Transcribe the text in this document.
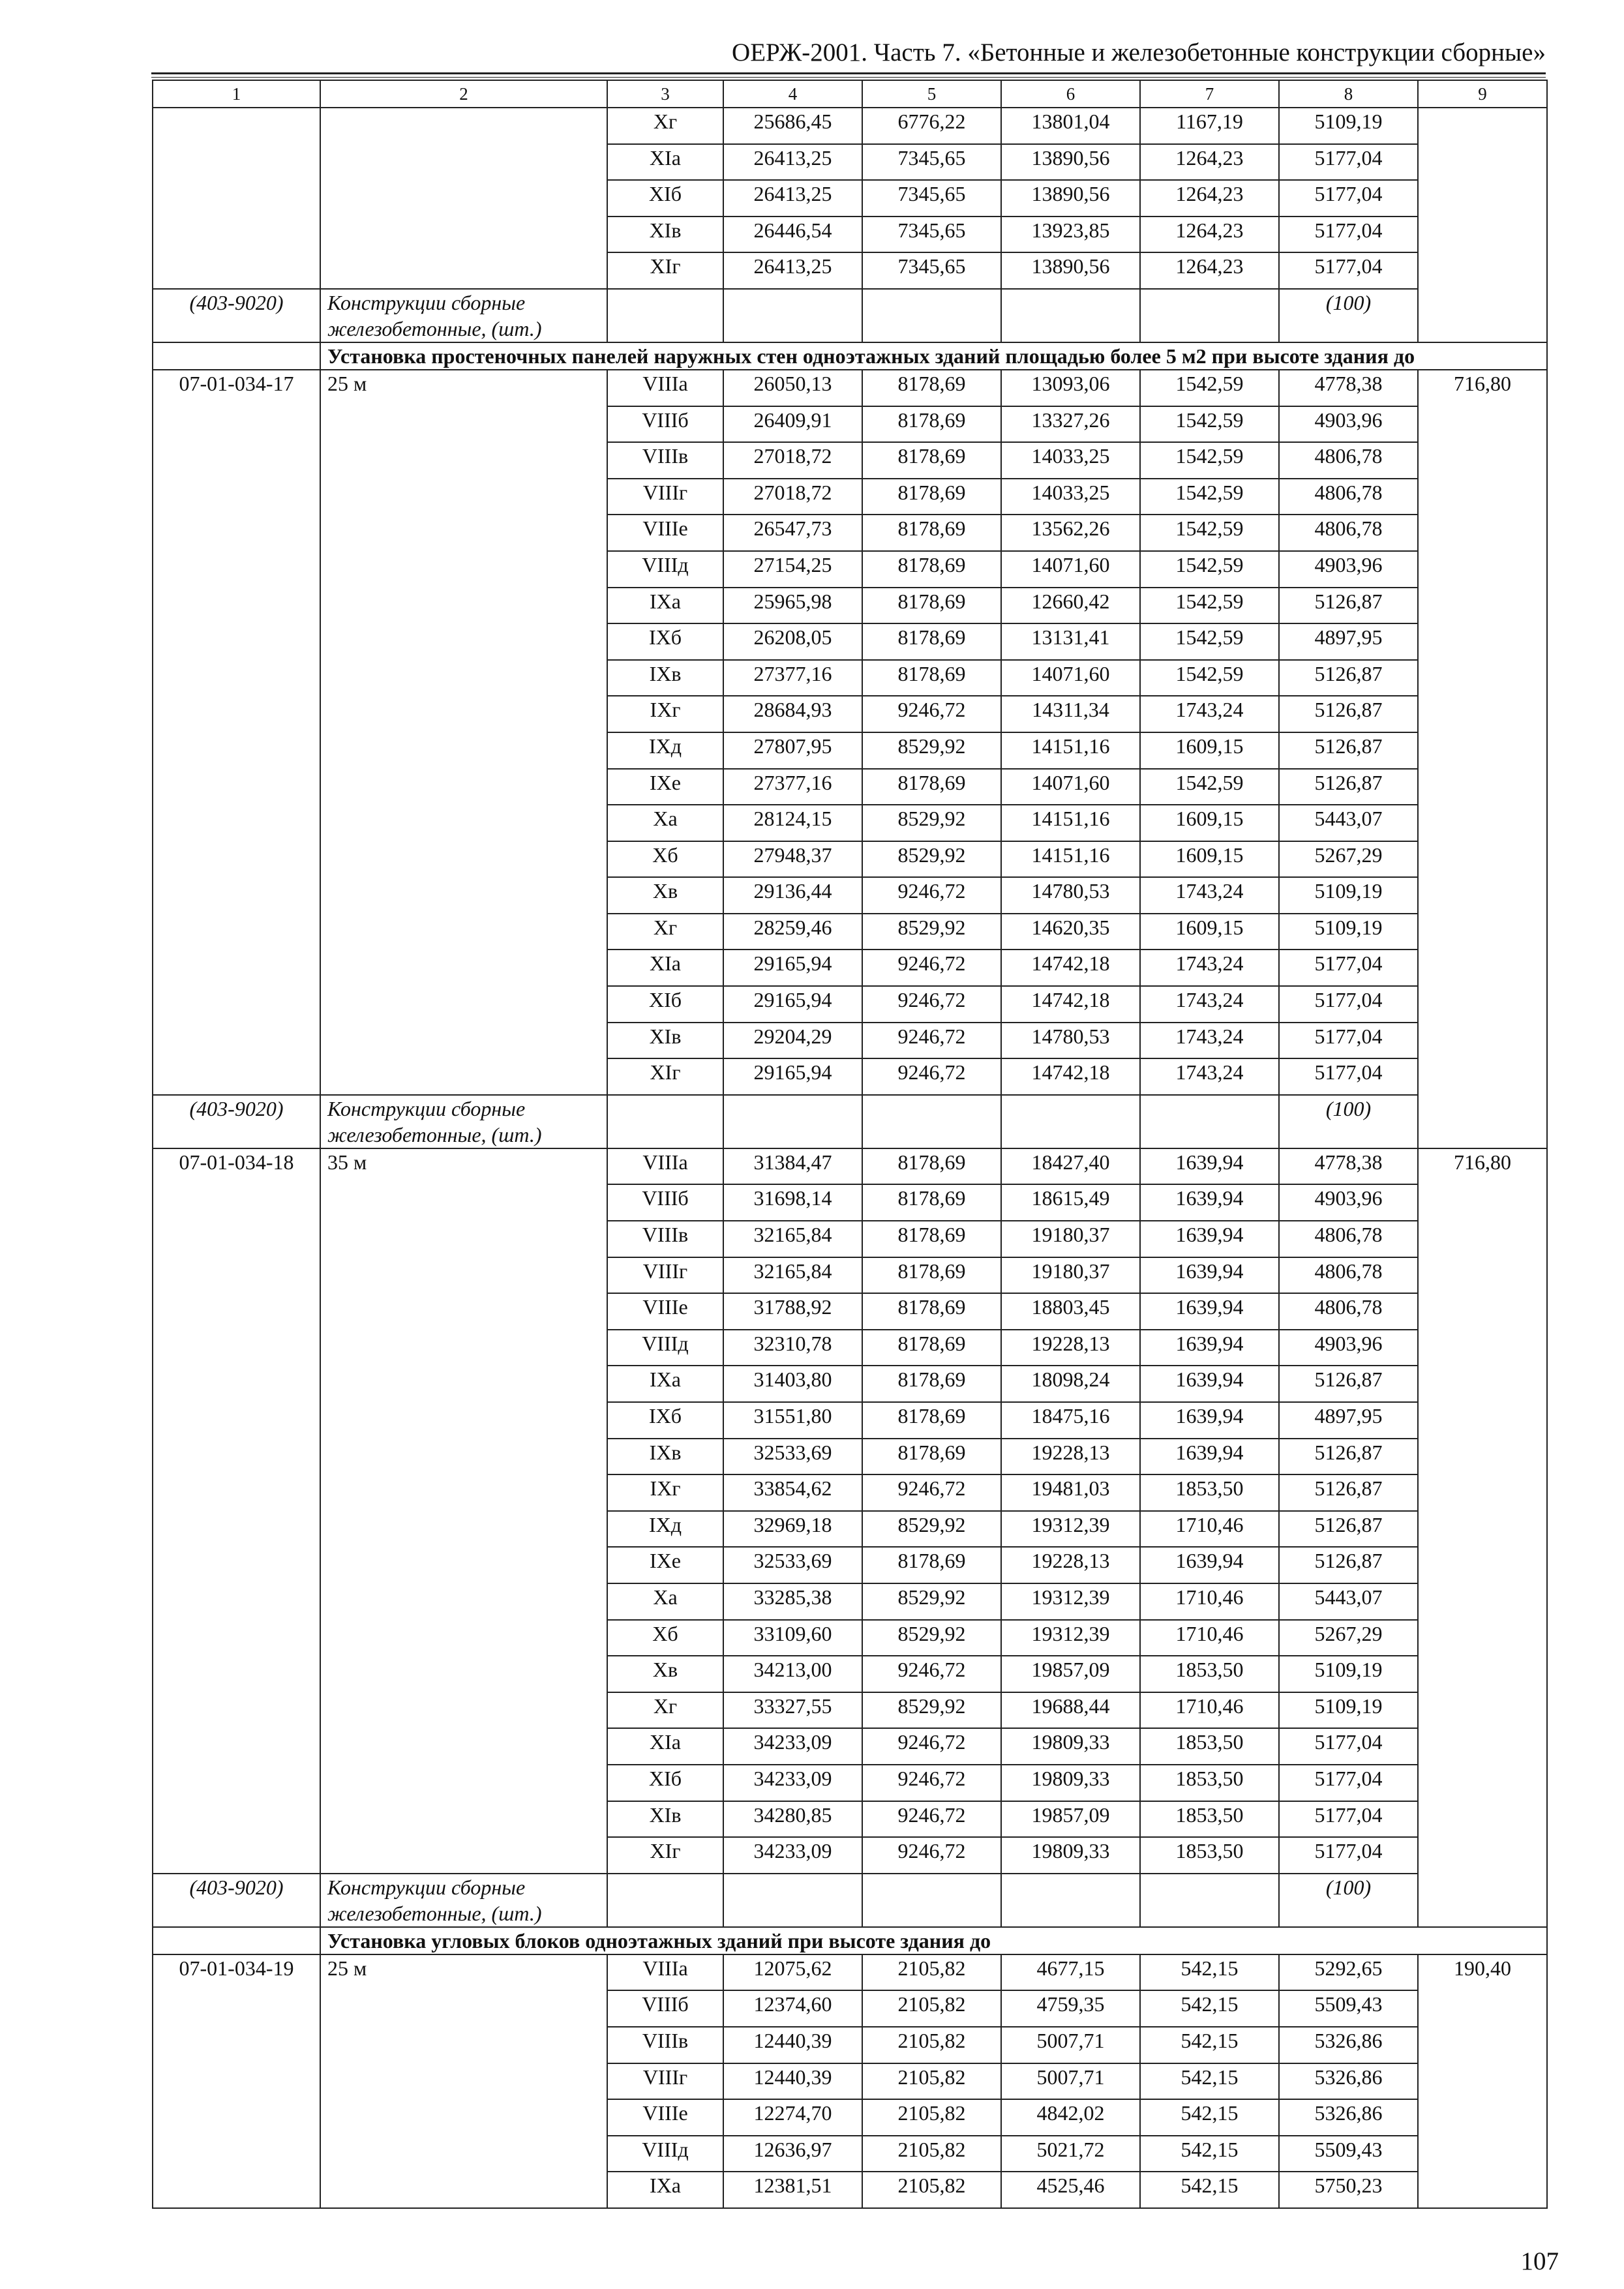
ОЕРЖ-2001. Часть 7. «Бетонные и железобетонные конструкции сборные»
1	2	3	4	5	6	7	8	9
		Xг	25686,45	6776,22	13801,04	1167,19	5109,19	
		XIа	26413,25	7345,65	13890,56	1264,23	5177,04	
		XIб	26413,25	7345,65	13890,56	1264,23	5177,04	
		XIв	26446,54	7345,65	13923,85	1264,23	5177,04	
		XIг	26413,25	7345,65	13890,56	1264,23	5177,04	
(403-9020)	Конструкции сборные железобетонные, (шт.)						(100)	
	Установка простеночных панелей наружных стен одноэтажных зданий площадью более 5 м2 при высоте здания до							
07-01-034-17	25 м	VIIIа	26050,13	8178,69	13093,06	1542,59	4778,38	716,80
		VIIIб	26409,91	8178,69	13327,26	1542,59	4903,96	
		VIIIв	27018,72	8178,69	14033,25	1542,59	4806,78	
		VIIIг	27018,72	8178,69	14033,25	1542,59	4806,78	
		VIIIе	26547,73	8178,69	13562,26	1542,59	4806,78	
		VIIIд	27154,25	8178,69	14071,60	1542,59	4903,96	
		IXа	25965,98	8178,69	12660,42	1542,59	5126,87	
		IXб	26208,05	8178,69	13131,41	1542,59	4897,95	
		IXв	27377,16	8178,69	14071,60	1542,59	5126,87	
		IXг	28684,93	9246,72	14311,34	1743,24	5126,87	
		IXд	27807,95	8529,92	14151,16	1609,15	5126,87	
		IXе	27377,16	8178,69	14071,60	1542,59	5126,87	
		Xа	28124,15	8529,92	14151,16	1609,15	5443,07	
		Xб	27948,37	8529,92	14151,16	1609,15	5267,29	
		Xв	29136,44	9246,72	14780,53	1743,24	5109,19	
		Xг	28259,46	8529,92	14620,35	1609,15	5109,19	
		XIа	29165,94	9246,72	14742,18	1743,24	5177,04	
		XIб	29165,94	9246,72	14742,18	1743,24	5177,04	
		XIв	29204,29	9246,72	14780,53	1743,24	5177,04	
		XIг	29165,94	9246,72	14742,18	1743,24	5177,04	
(403-9020)	Конструкции сборные железобетонные, (шт.)						(100)	
07-01-034-18	35 м	VIIIа	31384,47	8178,69	18427,40	1639,94	4778,38	716,80
		VIIIб	31698,14	8178,69	18615,49	1639,94	4903,96	
		VIIIв	32165,84	8178,69	19180,37	1639,94	4806,78	
		VIIIг	32165,84	8178,69	19180,37	1639,94	4806,78	
		VIIIе	31788,92	8178,69	18803,45	1639,94	4806,78	
		VIIIд	32310,78	8178,69	19228,13	1639,94	4903,96	
		IXа	31403,80	8178,69	18098,24	1639,94	5126,87	
		IXб	31551,80	8178,69	18475,16	1639,94	4897,95	
		IXв	32533,69	8178,69	19228,13	1639,94	5126,87	
		IXг	33854,62	9246,72	19481,03	1853,50	5126,87	
		IXд	32969,18	8529,92	19312,39	1710,46	5126,87	
		IXе	32533,69	8178,69	19228,13	1639,94	5126,87	
		Xа	33285,38	8529,92	19312,39	1710,46	5443,07	
		Xб	33109,60	8529,92	19312,39	1710,46	5267,29	
		Xв	34213,00	9246,72	19857,09	1853,50	5109,19	
		Xг	33327,55	8529,92	19688,44	1710,46	5109,19	
		XIа	34233,09	9246,72	19809,33	1853,50	5177,04	
		XIб	34233,09	9246,72	19809,33	1853,50	5177,04	
		XIв	34280,85	9246,72	19857,09	1853,50	5177,04	
		XIг	34233,09	9246,72	19809,33	1853,50	5177,04	
(403-9020)	Конструкции сборные железобетонные, (шт.)						(100)	
	Установка угловых блоков одноэтажных зданий при высоте здания до							
07-01-034-19	25 м	VIIIа	12075,62	2105,82	4677,15	542,15	5292,65	190,40
		VIIIб	12374,60	2105,82	4759,35	542,15	5509,43	
		VIIIв	12440,39	2105,82	5007,71	542,15	5326,86	
		VIIIг	12440,39	2105,82	5007,71	542,15	5326,86	
		VIIIе	12274,70	2105,82	4842,02	542,15	5326,86	
		VIIIд	12636,97	2105,82	5021,72	542,15	5509,43	
		IXа	12381,51	2105,82	4525,46	542,15	5750,23	
107
